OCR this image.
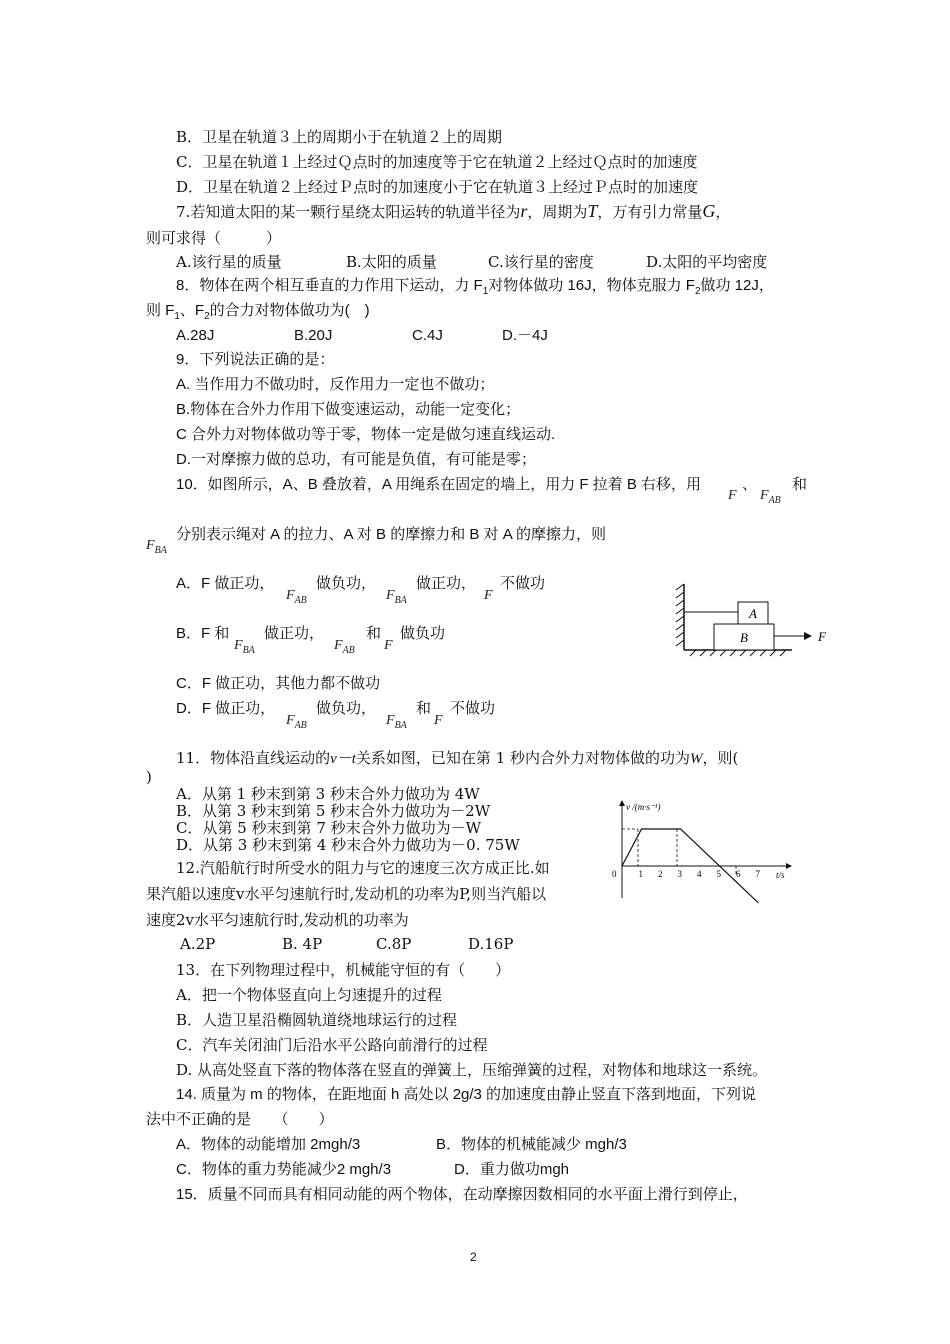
B．卫星在轨道３上的周期小于在轨道２上的周期
C．卫星在轨道１上经过Ｑ点时的加速度等于它在轨道２上经过Ｑ点时的加速度
D．卫星在轨道２上经过Ｐ点时的加速度小于它在轨道３上经过Ｐ点时的加速度
7.若知道太阳的某一颗行星绕太阳运转的轨道半径为r，周期为T，万有引力常量G，
则可求得（　　　）
A.该行星的质量	B.太阳的质量	C.该行星的密度	D.太阳的平均密度
8．物体在两个相互垂直的力作用下运动，力 $F_1$对物体做功 16J，物体克服力 $F_2$做功 12J，
则 $F_1$、$F_2$的合力对物体做功为(　)
A.28J	B.20J	C.4J	D.－4J
9．下列说法正确的是：
A. 当作用力不做功时，反作用力一定也不做功；
B.物体在合外力作用下做变速运动，动能一定变化；
C 合外力对物体做功等于零，物体一定是做匀速直线运动.
D.一对摩擦力做的总功，有可能是负值，有可能是零；
10．如图所示，A、B 叠放着，A 用绳系在固定的墙上，用力 F 拉着 B 右移，用
F
、
$F_{AB}$
和
$F_{BA}$
分别表示绳对 A 的拉力、A 对 B 的摩擦力和 B 对 A 的摩擦力，则
A．F 做正功，
$F_{AB}$
做负功，
$F_{BA}$
做正功，
F
不做功
B．F 和
$F_{BA}$
做正功，
$F_{AB}$
和
F
做负功
C．F 做正功，其他力都不做功
D．F 做正功，
$F_{AB}$
做负功，
$F_{BA}$
和
F
不做功
A
B	F
11．物体沿直线运动的v－t关系如图，已知在第 1 秒内合外力对物体做的功为W，则(
)
A．从第 1 秒末到第 3 秒末合外力做功为 4W
B．从第 3 秒末到第 5 秒末合外力做功为－2W
C．从第 5 秒末到第 7 秒末合外力做功为－W
D．从第 3 秒末到第 4 秒末合外力做功为－0. 75W
v /(m·s⁻¹)
t/s
0 1 2 3 4 5 6 7
12.汽船航行时所受水的阻力与它的速度三次方成正比.如
果汽船以速度v水平匀速航行时,发动机的功率为P,则当汽船以
速度2v水平匀速航行时,发动机的功率为
A.2P	B. 4P	C.8P	D.16P
13．在下列物理过程中，机械能守恒的有（　　）
A．把一个物体竖直向上匀速提升的过程
B．人造卫星沿椭圆轨道绕地球运行的过程
C．汽车关闭油门后沿水平公路向前滑行的过程
D. 从高处竖直下落的物体落在竖直的弹簧上，压缩弹簧的过程，对物体和地球这一系统。
14. 质量为 m 的物体，在距地面 h 高处以 2g/3 的加速度由静止竖直下落到地面，下列说
法中不正确的是　　（　　）
A．物体的动能增加 2mgh/3	B．物体的机械能减少 mgh/3
C．物体的重力势能减少2 mgh/3	D．重力做功mgh
15．质量不同而具有相同动能的两个物体，在动摩擦因数相同的水平面上滑行到停止，
2
